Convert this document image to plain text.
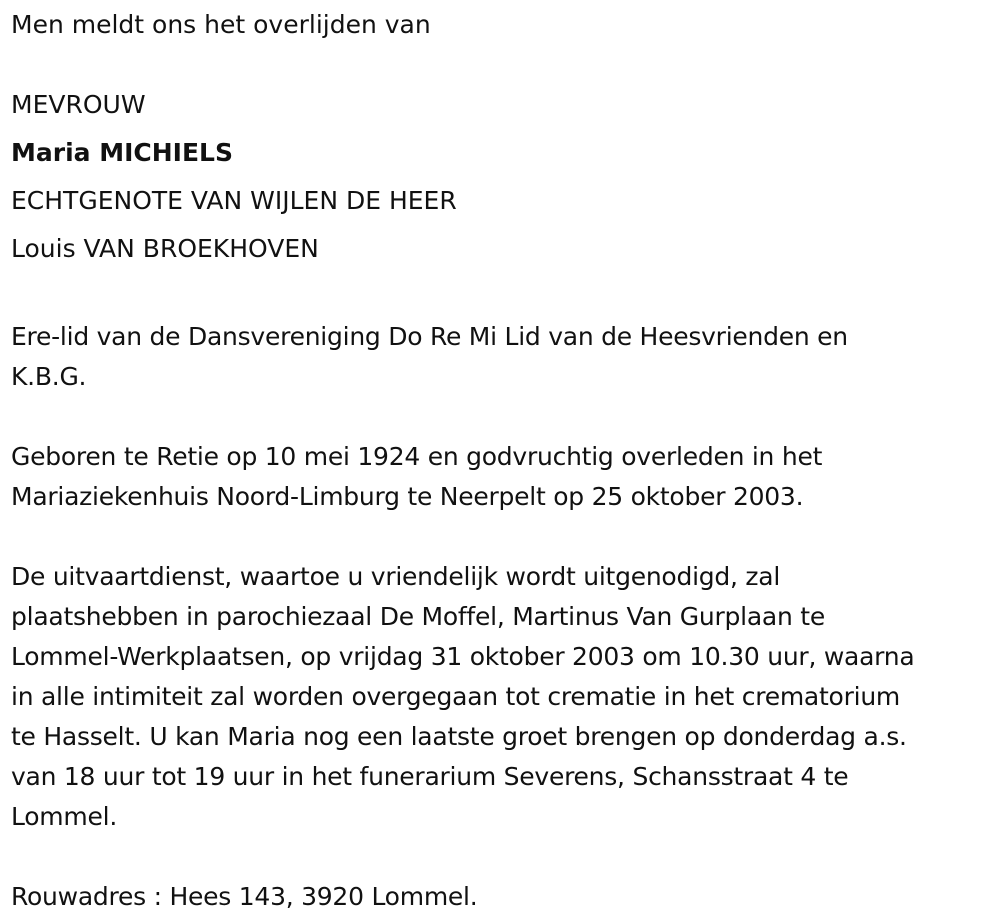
Men meldt ons het overlijden van
MEVROUW
Maria MICHIELS
ECHTGENOTE VAN WIJLEN DE HEER
Louis VAN BROEKHOVEN
Ere-lid van de Dansvereniging Do Re Mi Lid van de Heesvrienden en
K.B.G.
Geboren te Retie op 10 mei 1924 en godvruchtig overleden in het
Mariaziekenhuis Noord-Limburg te Neerpelt op 25 oktober 2003.
De uitvaartdienst, waartoe u vriendelijk wordt uitgenodigd, zal
plaatshebben in parochiezaal De Moffel, Martinus Van Gurplaan te
Lommel-Werkplaatsen, op vrijdag 31 oktober 2003 om 10.30 uur, waarna
in alle intimiteit zal worden overgegaan tot crematie in het crematorium
te Hasselt. U kan Maria nog een laatste groet brengen op donderdag a.s.
van 18 uur tot 19 uur in het funerarium Severens, Schansstraat 4 te
Lommel.
Rouwadres : Hees 143, 3920 Lommel.
